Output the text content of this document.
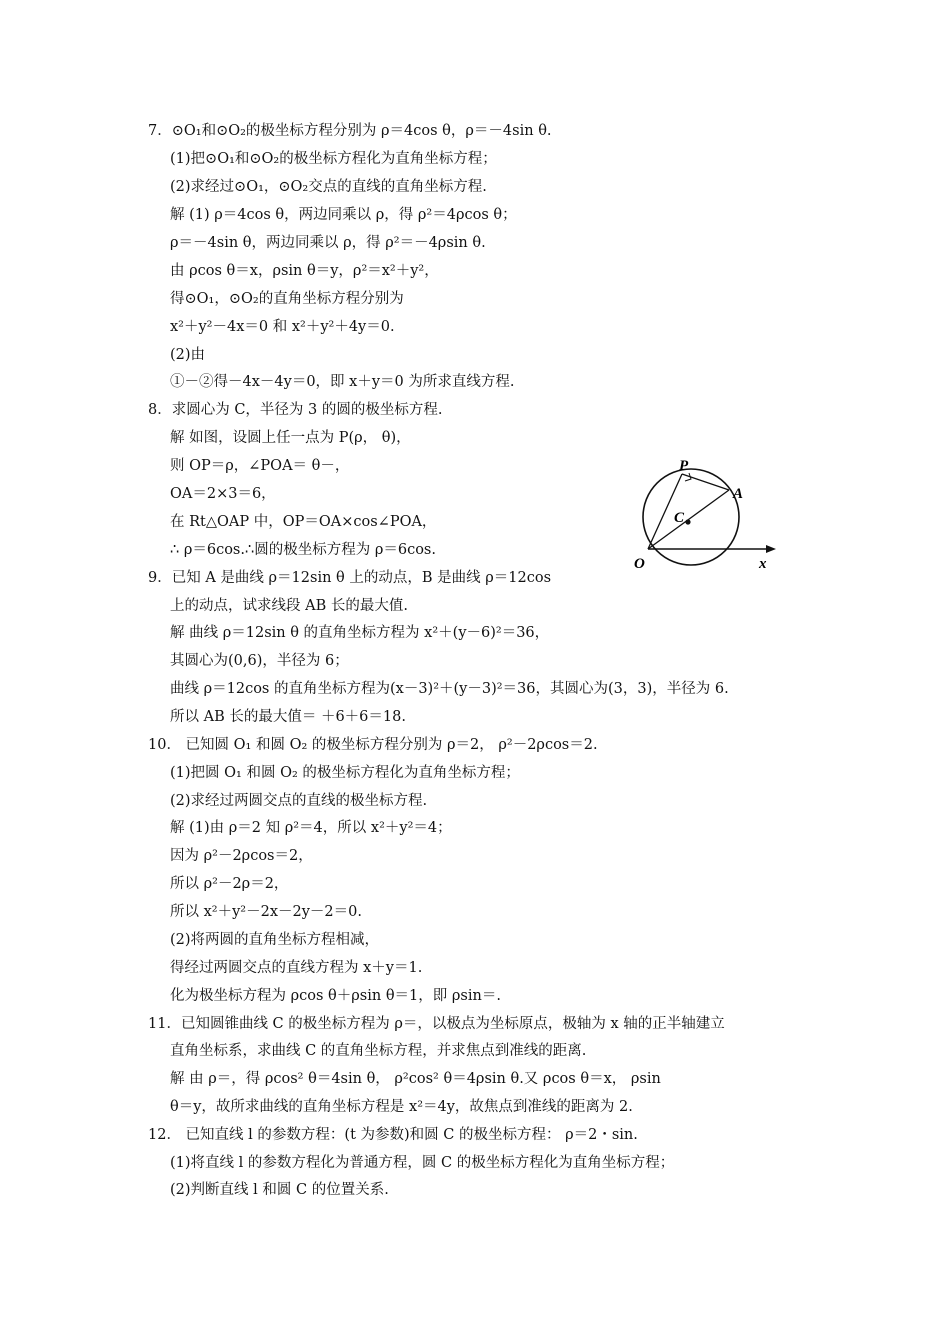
7．⊙O₁和⊙O₂的极坐标方程分别为 ρ＝4cos θ，ρ＝－4sin θ.
(1)把⊙O₁和⊙O₂的极坐标方程化为直角坐标方程；
(2)求经过⊙O₁，⊙O₂交点的直线的直角坐标方程.
解 (1) ρ＝4cos θ，两边同乘以 ρ，得 ρ²＝4ρcos θ；
ρ＝－4sin θ，两边同乘以 ρ，得 ρ²＝－4ρsin θ.
由 ρcos θ＝x，ρsin θ＝y，ρ²＝x²＋y²，
得⊙O₁，⊙O₂的直角坐标方程分别为
x²＋y²－4x＝0 和 x²＋y²＋4y＝0.
(2)由
①－②得－4x－4y＝0，即 x＋y＝0 为所求直线方程.
8．求圆心为 C，半径为 3 的圆的极坐标方程.
解 如图，设圆上任一点为 P(ρ， θ)，
则 OP＝ρ，∠POA＝ θ－，
OA＝2×3＝6，
在 Rt△OAP 中，OP＝OA×cos∠POA，
∴ ρ＝6cos.∴圆的极坐标方程为 ρ＝6cos.
9．已知 A 是曲线 ρ＝12sin θ 上的动点，B 是曲线 ρ＝12cos
上的动点，试求线段 AB 长的最大值.
解 曲线 ρ＝12sin θ 的直角坐标方程为 x²＋(y－6)²＝36，
其圆心为(0,6)，半径为 6；
曲线 ρ＝12cos 的直角坐标方程为(x－3)²＋(y－3)²＝36，其圆心为(3，3)，半径为 6.
所以 AB 长的最大值＝ ＋6＋6＝18.
10． 已知圆 O₁ 和圆 O₂ 的极坐标方程分别为 ρ＝2， ρ²－2ρcos＝2.
(1)把圆 O₁ 和圆 O₂ 的极坐标方程化为直角坐标方程；
(2)求经过两圆交点的直线的极坐标方程.
解 (1)由 ρ＝2 知 ρ²＝4，所以 x²＋y²＝4；
因为 ρ²－2ρcos＝2，
所以 ρ²－2ρ＝2，
所以 x²＋y²－2x－2y－2＝0.
(2)将两圆的直角坐标方程相减，
得经过两圆交点的直线方程为 x＋y＝1.
化为极坐标方程为 ρcos θ＋ρsin θ＝1，即 ρsin＝.
11．已知圆锥曲线 C 的极坐标方程为 ρ＝，以极点为坐标原点，极轴为 x 轴的正半轴建立
直角坐标系，求曲线 C 的直角坐标方程，并求焦点到准线的距离.
解 由 ρ＝，得 ρcos² θ＝4sin θ， ρ²cos² θ＝4ρsin θ.又 ρcos θ＝x， ρsin
θ＝y，故所求曲线的直角坐标方程是 x²＝4y，故焦点到准线的距离为 2.
12． 已知直线 l 的参数方程：(t 为参数)和圆 C 的极坐标方程： ρ＝2・sin.
(1)将直线 l 的参数方程化为普通方程，圆 C 的极坐标方程化为直角坐标方程；
(2)判断直线 l 和圆 C 的位置关系.
P
A
C
O	x
